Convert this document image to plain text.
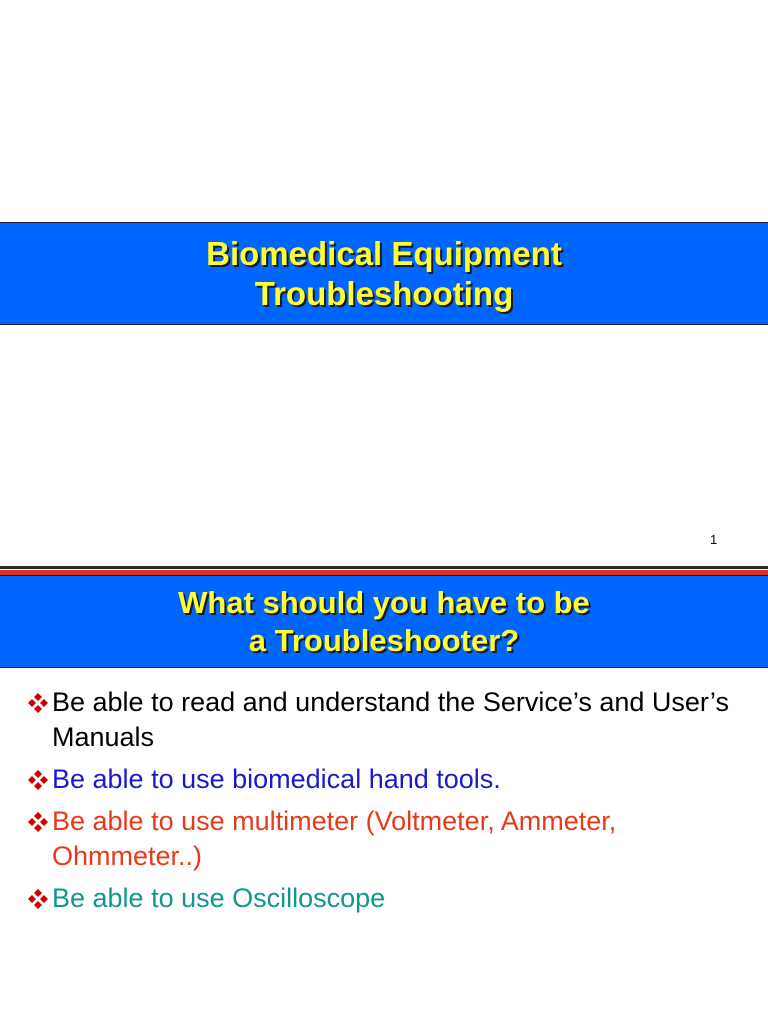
Biomedical Equipment
Troubleshooting
1
What should you have to be
a Troubleshooter?
Be able to read and understand the Service’s and User’s Manuals
Be able to use biomedical hand tools.
Be able to use multimeter (Voltmeter, Ammeter, Ohmmeter..)
Be able to use Oscilloscope
